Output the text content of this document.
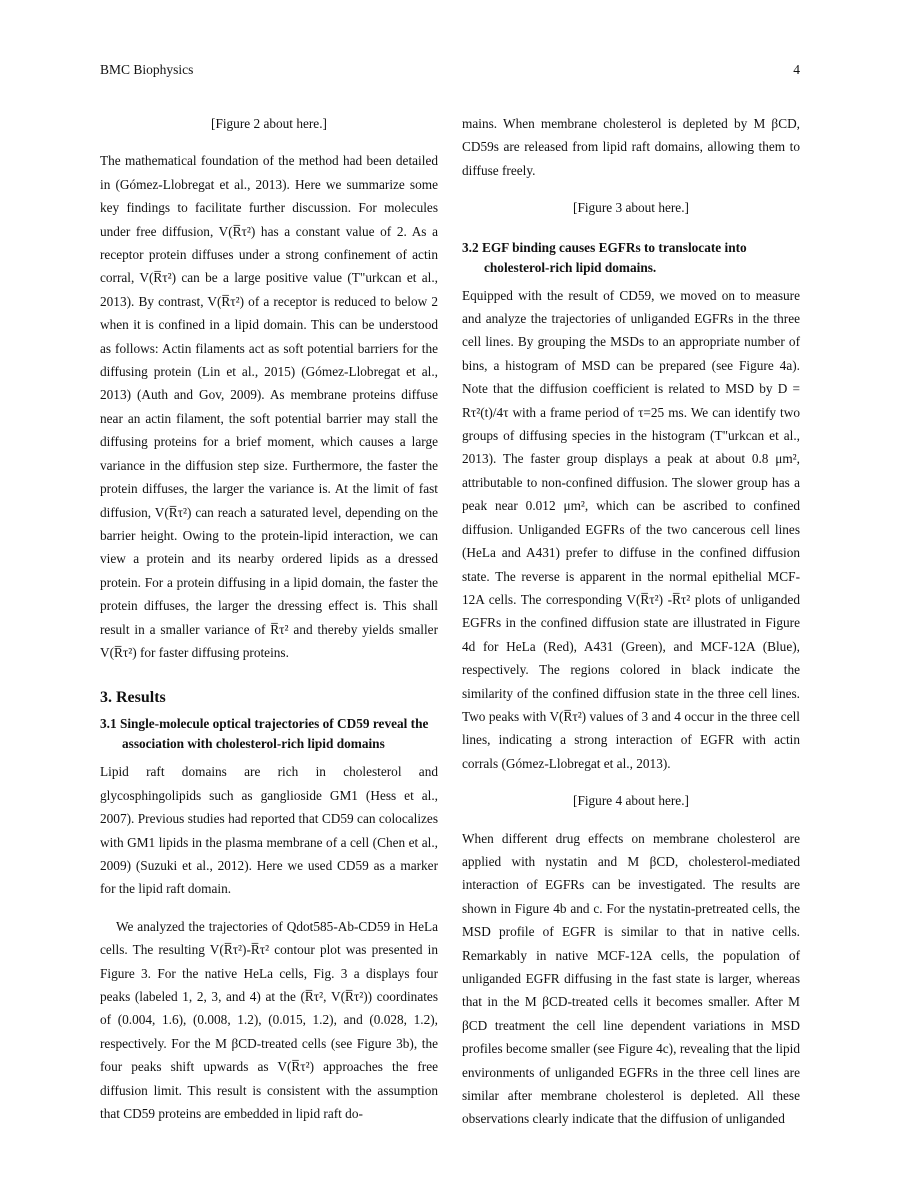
BMC Biophysics	4
[Figure 2 about here.]

The mathematical foundation of the method had been detailed in (Gómez-Llobregat et al., 2013). Here we summarize some key findings to facilitate further discussion. For molecules under free diffusion, V(R̅τ²) has a constant value of 2. As a receptor protein diffuses under a strong confinement of actin corral, V(R̅τ²) can be a large positive value (T"urkcan et al., 2013). By contrast, V(R̅τ²) of a receptor is reduced to below 2 when it is confined in a lipid domain. This can be understood as follows: Actin filaments act as soft potential barriers for the diffusing protein (Lin et al., 2015) (Gómez-Llobregat et al., 2013) (Auth and Gov, 2009). As membrane proteins diffuse near an actin filament, the soft potential barrier may stall the diffusing proteins for a brief moment, which causes a large variance in the diffusion step size. Furthermore, the faster the protein diffuses, the larger the variance is. At the limit of fast diffusion, V(R̅τ²) can reach a saturated level, depending on the barrier height. Owing to the protein-lipid interaction, we can view a protein and its nearby ordered lipids as a dressed protein. For a protein diffusing in a lipid domain, the faster the protein diffuses, the larger the dressing effect is. This shall result in a smaller variance of R̅τ² and thereby yields smaller V(R̅τ²) for faster diffusing proteins.

3. Results
3.1 Single-molecule optical trajectories of CD59 reveal the association with cholesterol-rich lipid domains

Lipid raft domains are rich in cholesterol and glycosphingolipids such as ganglioside GM1 (Hess et al., 2007). Previous studies had reported that CD59 can colocalizes with GM1 lipids in the plasma membrane of a cell (Chen et al., 2009) (Suzuki et al., 2012). Here we used CD59 as a marker for the lipid raft domain.

We analyzed the trajectories of Qdot585-Ab-CD59 in HeLa cells. The resulting V(R̅τ²)-R̅τ² contour plot was presented in Figure 3. For the native HeLa cells, Fig. 3 a displays four peaks (labeled 1, 2, 3, and 4) at the (R̅τ², V(R̅τ²)) coordinates of (0.004, 1.6), (0.008, 1.2), (0.015, 1.2), and (0.028, 1.2), respectively. For the M βCD-treated cells (see Figure 3b), the four peaks shift upwards as V(R̅τ²) approaches the free diffusion limit. This result is consistent with the assumption that CD59 proteins are embedded in lipid raft do-

mains. When membrane cholesterol is depleted by M βCD, CD59s are released from lipid raft domains, allowing them to diffuse freely.

[Figure 3 about here.]
3.2 EGF binding causes EGFRs to translocate into cholesterol-rich lipid domains.

Equipped with the result of CD59, we moved on to measure and analyze the trajectories of unliganded EGFRs in the three cell lines. By grouping the MSDs to an appropriate number of bins, a histogram of MSD can be prepared (see Figure 4a). Note that the diffusion coefficient is related to MSD by D = Rτ²(t)/4τ with a frame period of τ=25 ms. We can identify two groups of diffusing species in the histogram (T"urkcan et al., 2013). The faster group displays a peak at about 0.8 μm², attributable to non-confined diffusion. The slower group has a peak near 0.012 μm², which can be ascribed to confined diffusion. Unliganded EGFRs of the two cancerous cell lines (HeLa and A431) prefer to diffuse in the confined diffusion state. The reverse is apparent in the normal epithelial MCF-12A cells. The corresponding V(R̅τ²) -R̅τ² plots of unliganded EGFRs in the confined diffusion state are illustrated in Figure 4d for HeLa (Red), A431 (Green), and MCF-12A (Blue), respectively. The regions colored in black indicate the similarity of the confined diffusion state in the three cell lines. Two peaks with V(R̅τ²) values of 3 and 4 occur in the three cell lines, indicating a strong interaction of EGFR with actin corrals (Gómez-Llobregat et al., 2013).

[Figure 4 about here.]

When different drug effects on membrane cholesterol are applied with nystatin and M βCD, cholesterol-mediated interaction of EGFRs can be investigated. The results are shown in Figure 4b and c. For the nystatin-pretreated cells, the MSD profile of EGFR is similar to that in native cells. Remarkably in native MCF-12A cells, the population of unliganded EGFR diffusing in the fast state is larger, whereas that in the M βCD-treated cells it becomes smaller. After M βCD treatment the cell line dependent variations in MSD profiles become smaller (see Figure 4c), revealing that the lipid environments of unliganded EGFRs in the three cell lines are similar after membrane cholesterol is depleted. All these observations clearly indicate that the diffusion of unliganded
